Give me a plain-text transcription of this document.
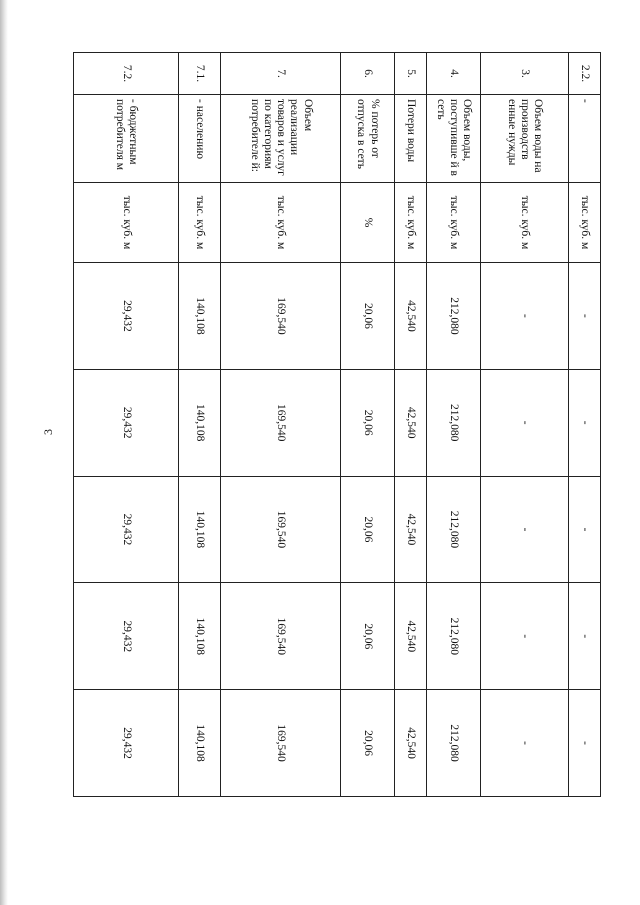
3
2.2.	-	тыс. куб. м	-	-	-	-	-
3.	Объем воды на производств енные нужды	тыс. куб. м	-	-	-	-	-
4.	Объем воды, поступивше й в сеть	тыс. куб. м	212,080	212,080	212,080	212,080	212,080
5.	Потери воды	тыс. куб. м	42,540	42,540	42,540	42,540	42,540
6.	% потерь от отпуска в сеть	%	20,06	20,06	20,06	20,06	20,06
7.	Объем реализации товаров и услуг по категориям потребителе й:	тыс. куб. м	169,540	169,540	169,540	169,540	169,540
7.1.	- населению	тыс. куб. м	140,108	140,108	140,108	140,108	140,108
7.2.	- бюджетным потребителя м	тыс. куб. м	29,432	29,432	29,432	29,432	29,432
